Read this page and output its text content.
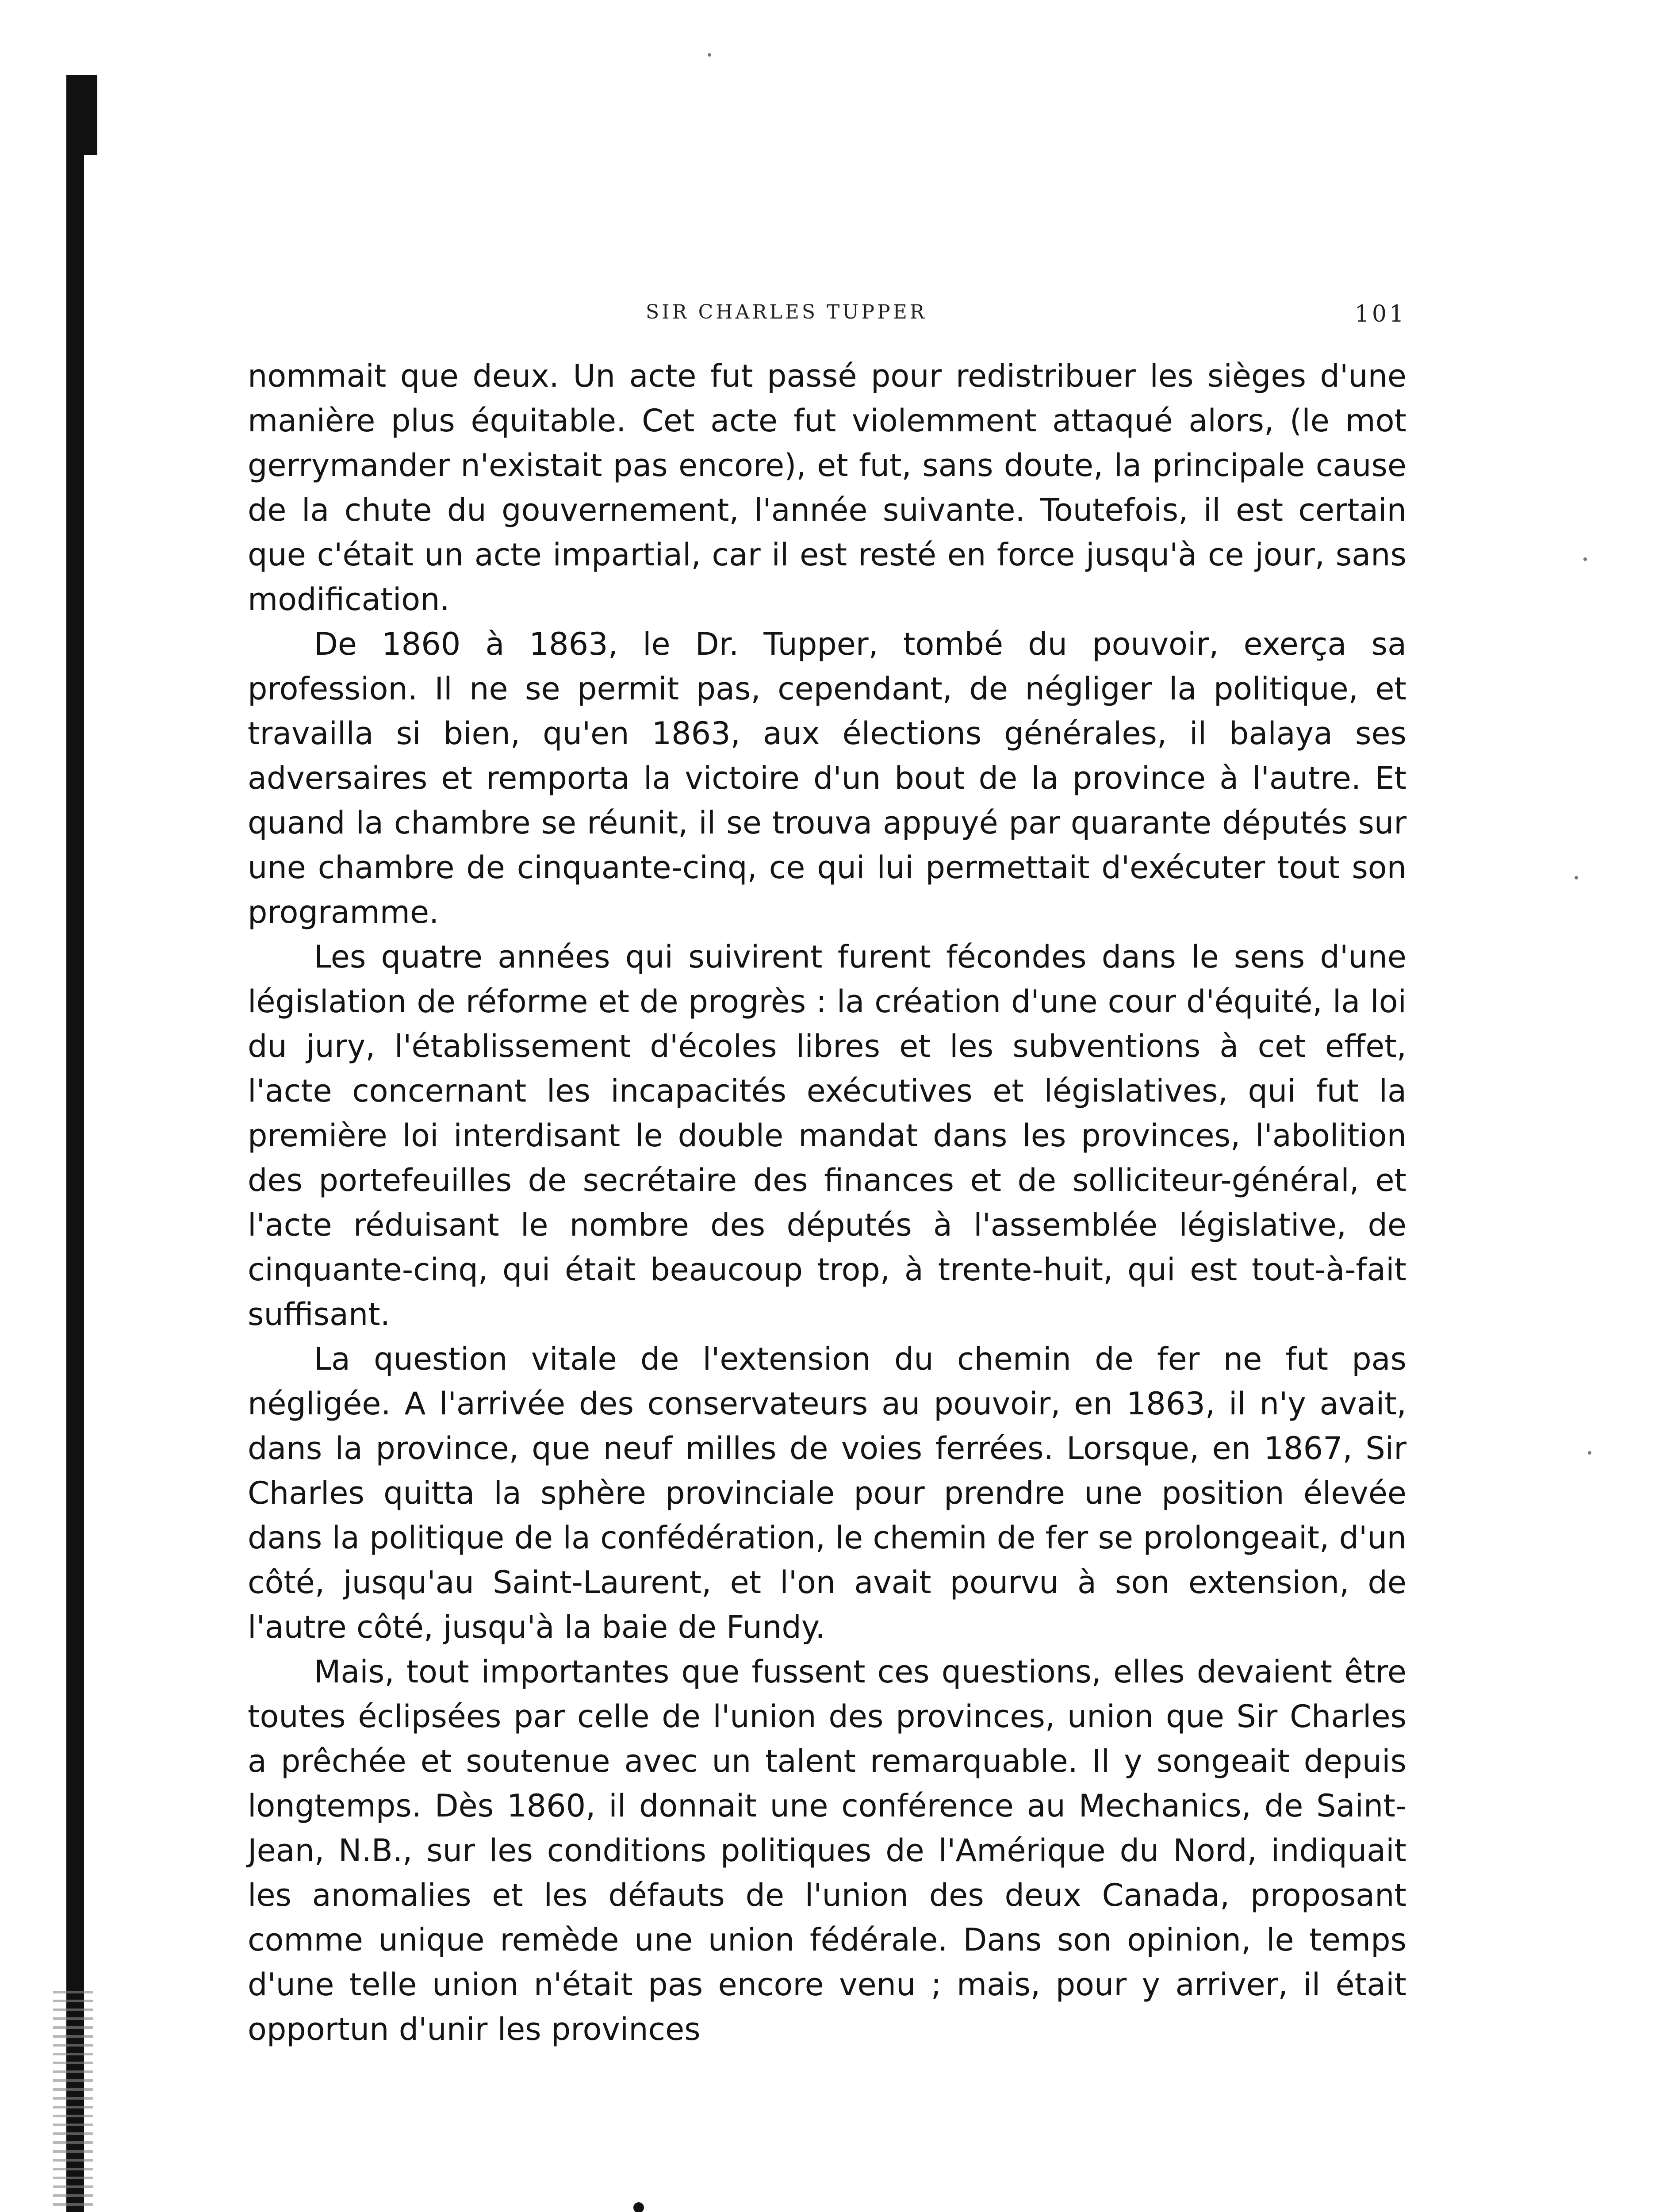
SIR CHARLES TUPPER	101

nommait que deux. Un acte fut passé pour redistribuer les sièges d'une manière plus équitable. Cet acte fut violemment attaqué alors, (le mot gerrymander n'existait pas encore), et fut, sans doute, la principale cause de la chute du gouvernement, l'année suivante. Toutefois, il est certain que c'était un acte impartial, car il est resté en force jusqu'à ce jour, sans modification.

De 1860 à 1863, le Dr. Tupper, tombé du pouvoir, exerça sa profession. Il ne se permit pas, cependant, de négliger la politique, et travailla si bien, qu'en 1863, aux élections générales, il balaya ses adversaires et remporta la victoire d'un bout de la province à l'autre. Et quand la chambre se réunit, il se trouva appuyé par quarante députés sur une chambre de cinquante-cinq, ce qui lui permettait d'exécuter tout son programme.

Les quatre années qui suivirent furent fécondes dans le sens d'une législation de réforme et de progrès : la création d'une cour d'équité, la loi du jury, l'établissement d'écoles libres et les subventions à cet effet, l'acte concernant les incapacités exécutives et législatives, qui fut la première loi interdisant le double mandat dans les provinces, l'abolition des portefeuilles de secrétaire des finances et de solliciteur-général, et l'acte réduisant le nombre des députés à l'assemblée législative, de cinquante-cinq, qui était beaucoup trop, à trente-huit, qui est tout-à-fait suffisant.

La question vitale de l'extension du chemin de fer ne fut pas négligée. A l'arrivée des conservateurs au pouvoir, en 1863, il n'y avait, dans la province, que neuf milles de voies ferrées. Lorsque, en 1867, Sir Charles quitta la sphère provinciale pour prendre une position élevée dans la politique de la confédération, le chemin de fer se prolongeait, d'un côté, jusqu'au Saint-Laurent, et l'on avait pourvu à son extension, de l'autre côté, jusqu'à la baie de Fundy.

Mais, tout importantes que fussent ces questions, elles devaient être toutes éclipsées par celle de l'union des provinces, union que Sir Charles a prêchée et soutenue avec un talent remarquable. Il y songeait depuis longtemps. Dès 1860, il donnait une conférence au Mechanics, de Saint-Jean, N.B., sur les conditions politiques de l'Amérique du Nord, indiquait les anomalies et les défauts de l'union des deux Canada, proposant comme unique remède une union fédérale. Dans son opinion, le temps d'une telle union n'était pas encore venu ; mais, pour y arriver, il était opportun d'unir les provinces
